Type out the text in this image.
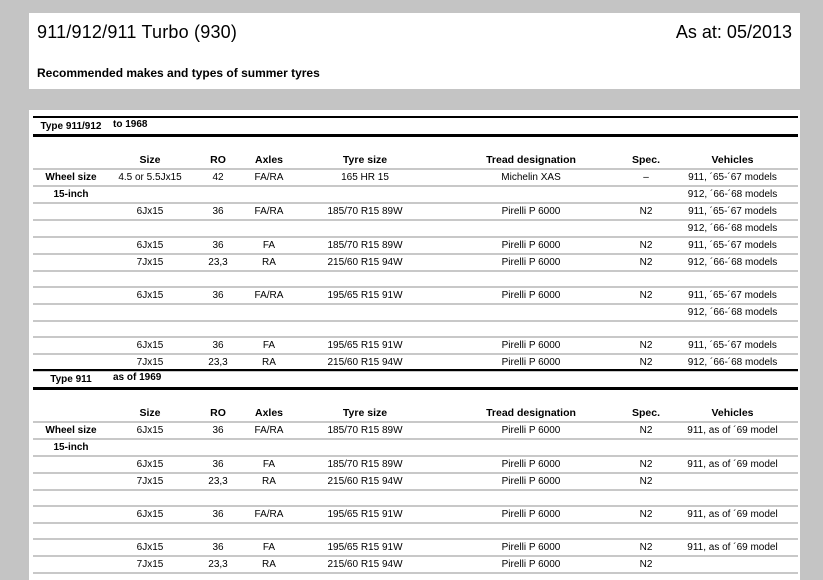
911/912/911 Turbo (930)	As at: 05/2013
Recommended makes and types of summer tyres
Type 911/912	to 1968
	Size	RO	Axles	Tyre size	Tread designation	Spec.	Vehicles
Wheel size	4.5 or 5.5Jx15	42	FA/RA	165 HR 15	Michelin XAS	–	911, ´65-´67 models
15-inch							912, ´66-´68 models
	6Jx15	36	FA/RA	185/70 R15 89W	Pirelli P 6000	N2	911, ´65-´67 models
							912, ´66-´68 models
	6Jx15	36	FA	185/70 R15 89W	Pirelli P 6000	N2	911, ´65-´67 models
	7Jx15	23,3	RA	215/60 R15 94W	Pirelli P 6000	N2	912, ´66-´68 models

	6Jx15	36	FA/RA	195/65 R15 91W	Pirelli P 6000	N2	911, ´65-´67 models
							912, ´66-´68 models

	6Jx15	36	FA	195/65 R15 91W	Pirelli P 6000	N2	911, ´65-´67 models
	7Jx15	23,3	RA	215/60 R15 94W	Pirelli P 6000	N2	912, ´66-´68 models
Type 911	as of 1969
	Size	RO	Axles	Tyre size	Tread designation	Spec.	Vehicles
Wheel size	6Jx15	36	FA/RA	185/70 R15 89W	Pirelli P 6000	N2	911, as of ´69 model
15-inch							
	6Jx15	36	FA	185/70 R15 89W	Pirelli P 6000	N2	911, as of ´69 model
	7Jx15	23,3	RA	215/60 R15 94W	Pirelli P 6000	N2	

	6Jx15	36	FA/RA	195/65 R15 91W	Pirelli P 6000	N2	911, as of ´69 model

	6Jx15	36	FA	195/65 R15 91W	Pirelli P 6000	N2	911, as of ´69 model
	7Jx15	23,3	RA	215/60 R15 94W	Pirelli P 6000	N2	
